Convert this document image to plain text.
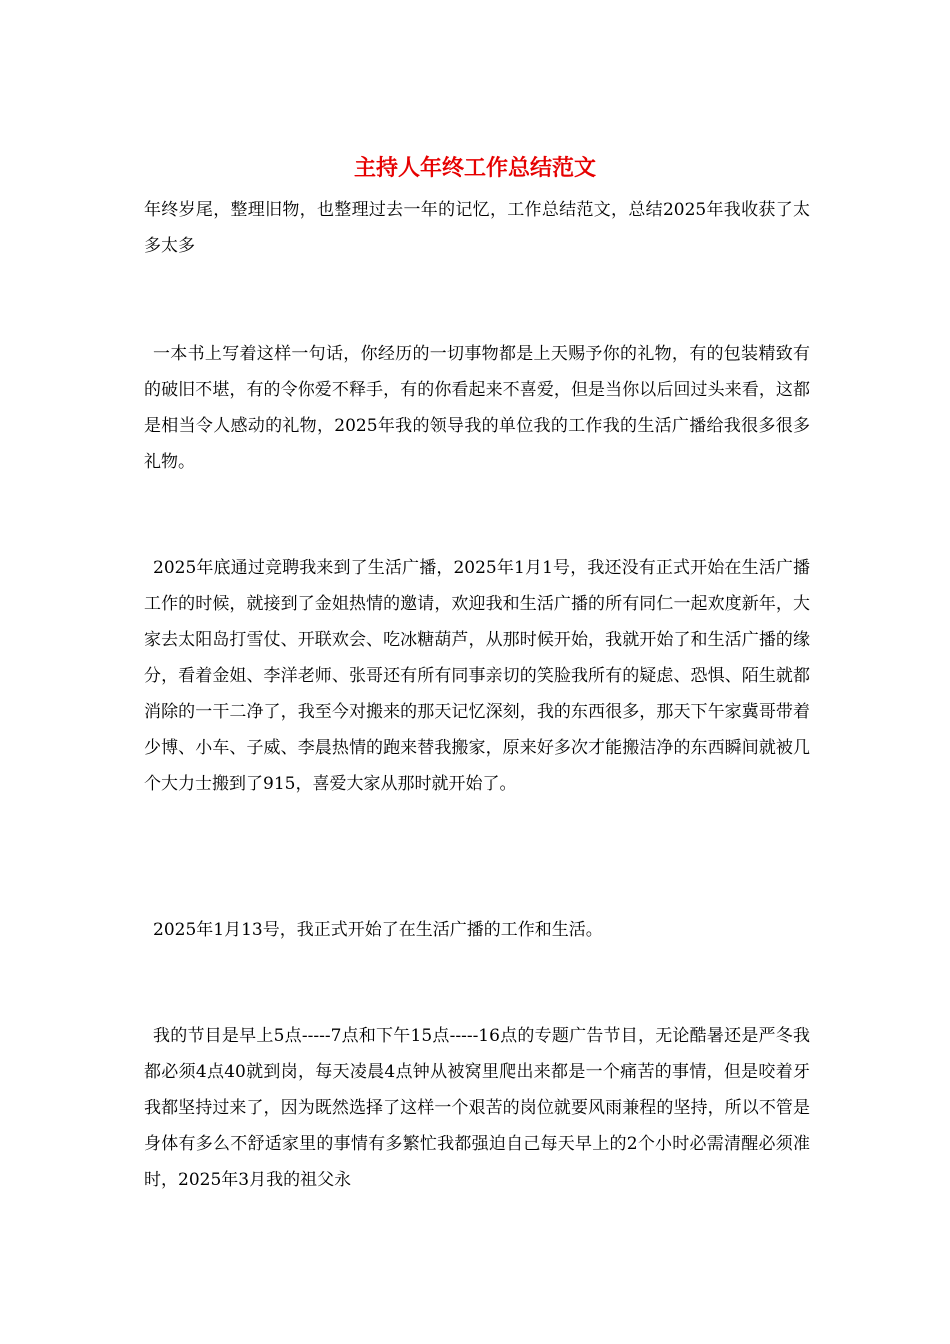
主持人年终工作总结范文

年终岁尾，整理旧物，也整理过去一年的记忆，工作总结范文，总结2025年我收获了太多太多

一本书上写着这样一句话，你经历的一切事物都是上天赐予你的礼物，有的包装精致有的破旧不堪，有的令你爱不释手，有的你看起来不喜爱，但是当你以后回过头来看，这都是相当令人感动的礼物，2025年我的领导我的单位我的工作我的生活广播给我很多很多礼物。

2025年底通过竞聘我来到了生活广播，2025年1月1号，我还没有正式开始在生活广播工作的时候，就接到了金姐热情的邀请，欢迎我和生活广播的所有同仁一起欢度新年，大家去太阳岛打雪仗、开联欢会、吃冰糖葫芦，从那时候开始，我就开始了和生活广播的缘分，看着金姐、李洋老师、张哥还有所有同事亲切的笑脸我所有的疑虑、恐惧、陌生就都消除的一干二净了，我至今对搬来的那天记忆深刻，我的东西很多，那天下午家冀哥带着少博、小车、子威、李晨热情的跑来替我搬家，原来好多次才能搬洁净的东西瞬间就被几个大力士搬到了915，喜爱大家从那时就开始了。

2025年1月13号，我正式开始了在生活广播的工作和生活。

我的节目是早上5点-----7点和下午15点-----16点的专题广告节目，无论酷暑还是严冬我都必须4点40就到岗，每天凌晨4点钟从被窝里爬出来都是一个痛苦的事情，但是咬着牙我都坚持过来了，因为既然选择了这样一个艰苦的岗位就要风雨兼程的坚持，所以不管是身体有多么不舒适家里的事情有多繁忙我都强迫自己每天早上的2个小时必需清醒必须准时，2025年3月我的祖父永
